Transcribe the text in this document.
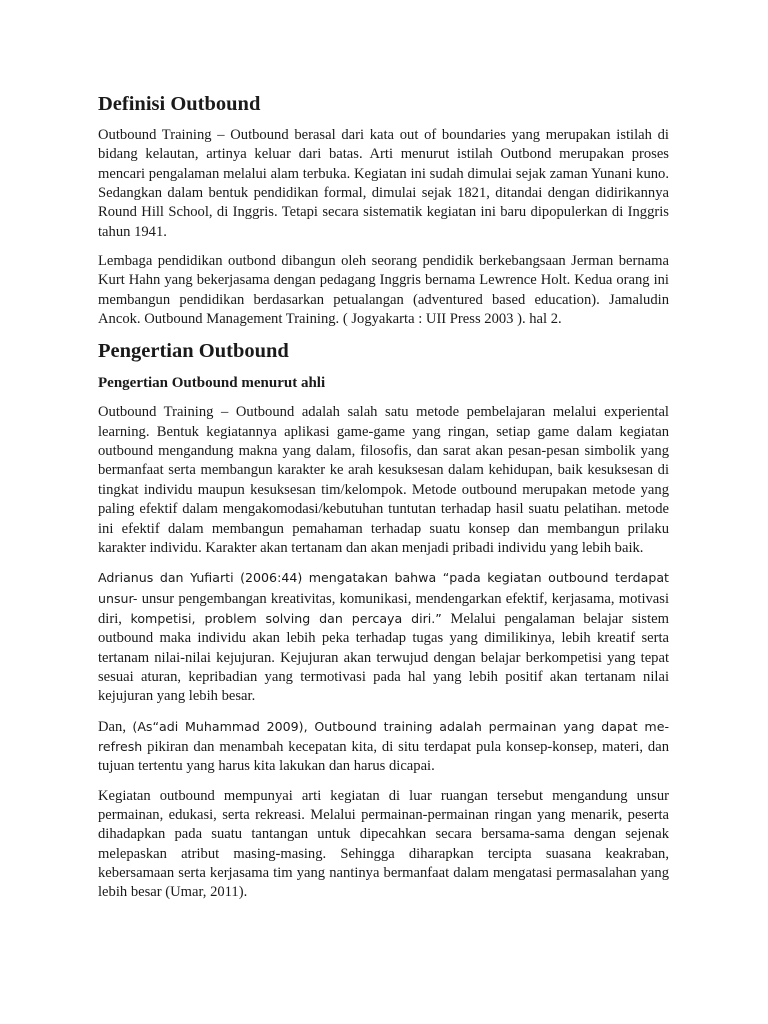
Definisi Outbound

Outbound Training – Outbound berasal dari kata out of boundaries yang merupakan istilah di bidang kelautan, artinya keluar dari batas. Arti menurut istilah Outbond merupakan proses mencari pengalaman melalui alam terbuka. Kegiatan ini sudah dimulai sejak zaman Yunani kuno. Sedangkan dalam bentuk pendidikan formal, dimulai sejak 1821, ditandai dengan didirikannya Round Hill School, di Inggris. Tetapi secara sistematik kegiatan ini baru dipopulerkan di Inggris tahun 1941.

Lembaga pendidikan outbond dibangun oleh seorang pendidik berkebangsaan Jerman bernama Kurt Hahn yang bekerjasama dengan pedagang Inggris bernama Lewrence Holt. Kedua orang ini membangun pendidikan berdasarkan petualangan (adventured based education). Jamaludin Ancok. Outbound Management Training. ( Jogyakarta : UII Press 2003 ). hal 2.

Pengertian Outbound
Pengertian Outbound menurut ahli

Outbound Training – Outbound adalah salah satu metode pembelajaran melalui experiental learning. Bentuk kegiatannya aplikasi game-game yang ringan, setiap game dalam kegiatan outbound mengandung makna yang dalam, filosofis, dan sarat akan pesan-pesan simbolik yang bermanfaat serta membangun karakter ke arah kesuksesan dalam kehidupan, baik kesuksesan di tingkat individu maupun kesuksesan tim/kelompok. Metode outbound merupakan metode yang paling efektif dalam mengakomodasi/kebutuhan tuntutan terhadap hasil suatu pelatihan. metode ini efektif dalam membangun pemahaman terhadap suatu konsep dan membangun prilaku karakter individu. Karakter akan tertanam dan akan menjadi pribadi individu yang lebih baik.

Adrianus dan Yufiarti (2006:44) mengatakan bahwa “pada kegiatan outbound terdapat unsur- unsur pengembangan kreativitas, komunikasi, mendengarkan efektif, kerjasama, motivasi diri, kompetisi, problem solving dan percaya diri.” Melalui pengalaman belajar sistem outbound maka individu akan lebih peka terhadap tugas yang dimilikinya, lebih kreatif serta tertanam nilai-nilai kejujuran. Kejujuran akan terwujud dengan belajar berkompetisi yang tepat sesuai aturan, kepribadian yang termotivasi pada hal yang lebih positif akan tertanam nilai kejujuran yang lebih besar.

Dan, (As“adi Muhammad 2009), Outbound training adalah permainan yang dapat me-refresh pikiran dan menambah kecepatan kita, di situ terdapat pula konsep-konsep, materi, dan tujuan tertentu yang harus kita lakukan dan harus dicapai.

Kegiatan outbound mempunyai arti kegiatan di luar ruangan tersebut mengandung unsur permainan, edukasi, serta rekreasi. Melalui permainan-permainan ringan yang menarik, peserta dihadapkan pada suatu tantangan untuk dipecahkan secara bersama-sama dengan sejenak melepaskan atribut masing-masing. Sehingga diharapkan tercipta suasana keakraban, kebersamaan serta kerjasama tim yang nantinya bermanfaat dalam mengatasi permasalahan yang lebih besar (Umar, 2011).
